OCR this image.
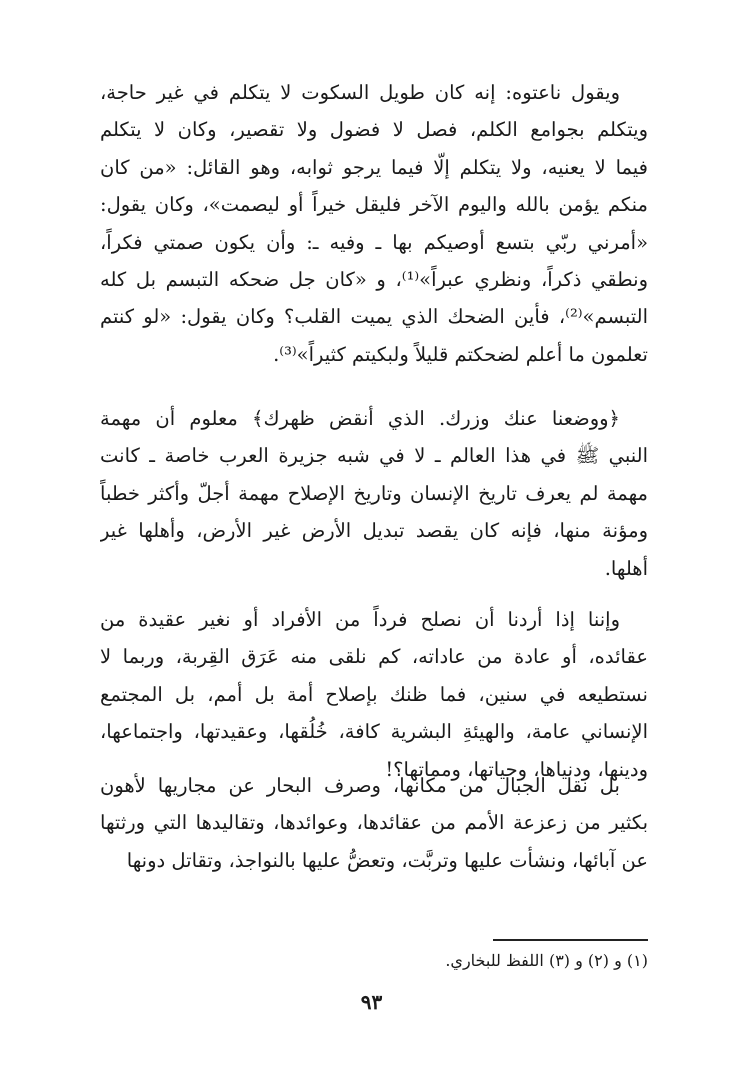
ويقول ناعتوه: إنه كان طويل السكوت لا يتكلم في غير حاجة،
ويتكلم بجوامع الكلم، فصل لا فضول ولا تقصير، وكان لا يتكلم
فيما لا يعنيه، ولا يتكلم إلّا فيما يرجو ثوابه، وهو القائل: «من كان
منكم يؤمن بالله واليوم الآخر فليقل خيراً أو ليصمت»، وكان يقول:
«أمرني ربّي بتسع أوصيكم بها ـ وفيه ـ: وأن يكون صمتي فكراً،
ونطقي ذكراً، ونظري عبراً»⁽¹⁾، و «كان جل ضحكه التبسم بل كله
التبسم»⁽²⁾، فأين الضحك الذي يميت القلب؟ وكان يقول: «لو كنتم
تعلمون ما أعلم لضحكتم قليلاً ولبكيتم كثيراً»⁽³⁾.

﴿ووضعنا عنك وزرك. الذي أنقض ظهرك﴾ معلوم أن مهمة
النبي ﷺ في هذا العالم ـ لا في شبه جزيرة العرب خاصة ـ كانت
مهمة لم يعرف تاريخ الإنسان وتاريخ الإصلاح مهمة أجلّ وأكثر خطباً
ومؤنة منها، فإنه كان يقصد تبديل الأرض غير الأرض، وأهلها غير
أهلها.

وإننا إذا أردنا أن نصلح فرداً من الأفراد أو نغير عقيدة من
عقائده، أو عادة من عاداته، كم نلقى منه عَرَق القِربة، وربما لا
نستطيعه في سنين، فما ظنك بإصلاح أمة بل أمم، بل المجتمع
الإنساني عامة، والهيئةِ البشرية كافة، خُلُقها، وعقيدتها، واجتماعها،
ودينها، ودنياها، وحياتها، ومماتها؟!

بل نقل الجبال من مكانها، وصرف البحار عن مجاريها لأهون
بكثير من زعزعة الأمم من عقائدها، وعوائدها، وتقاليدها التي ورثتها
عن آبائها، ونشأت عليها وتربَّت، وتعضُّ عليها بالنواجذ، وتقاتل دونها

(١) و (٢) و (٣) اللفظ للبخاري.
٩٣
